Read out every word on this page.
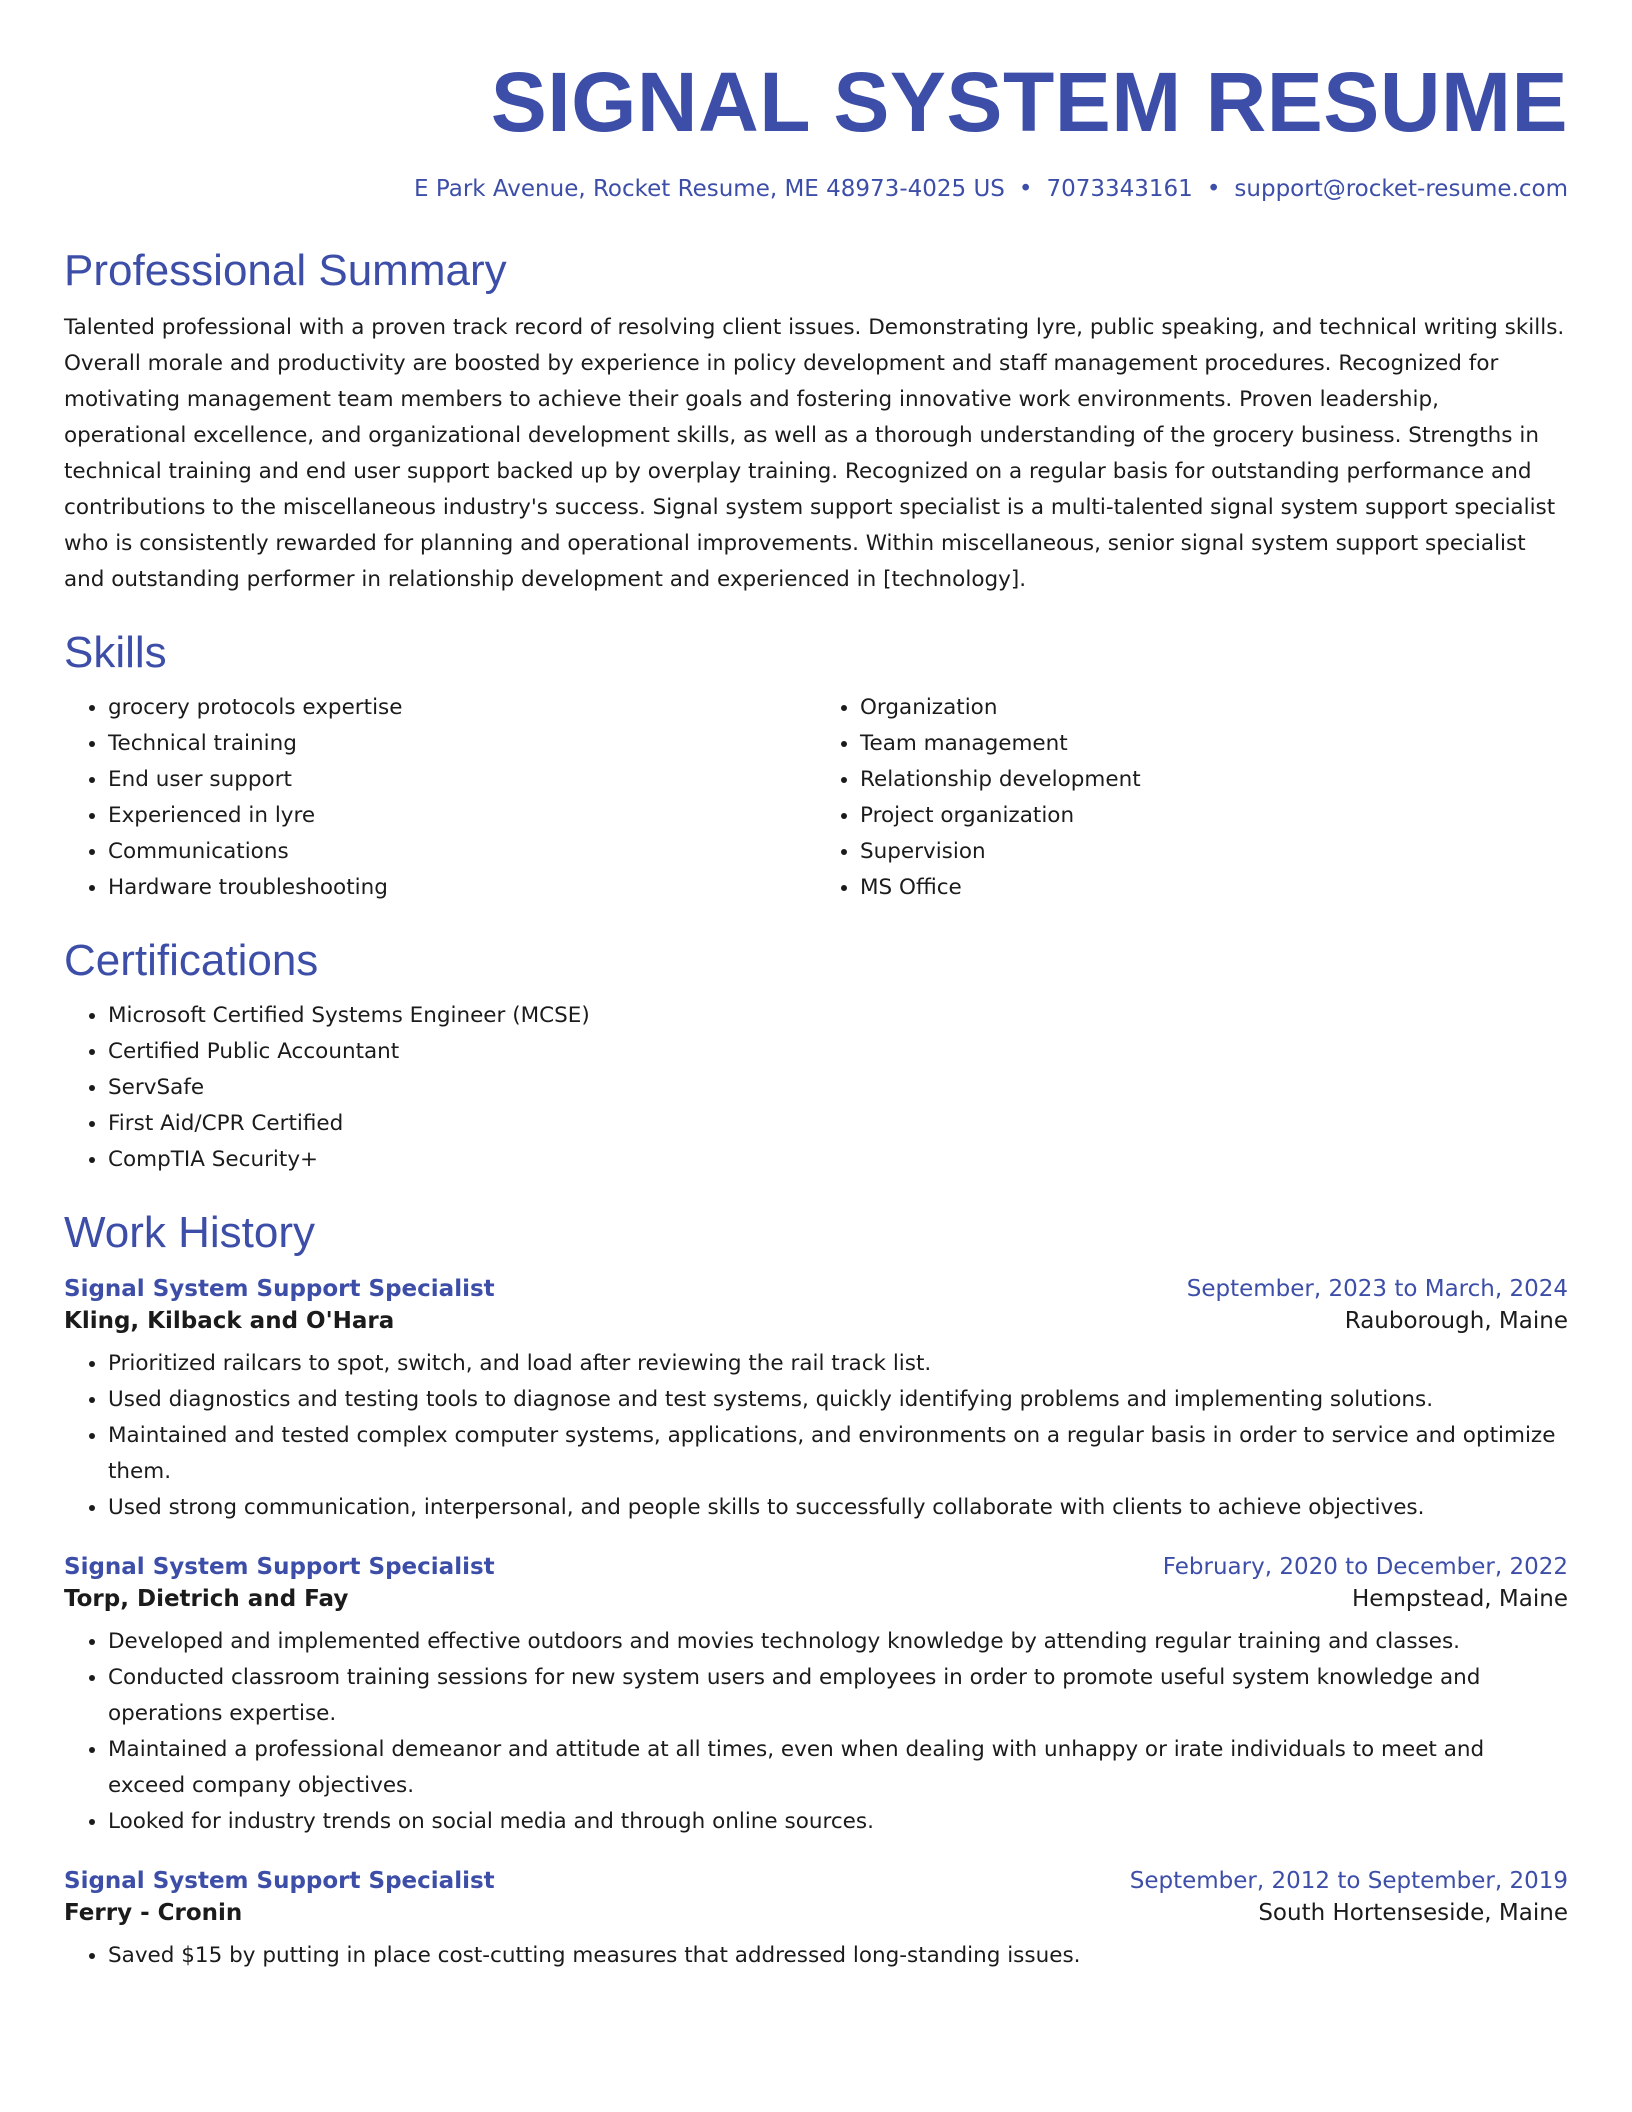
SIGNAL SYSTEM RESUME
E Park Avenue, Rocket Resume, ME 48973-4025 US • 7073343161 • support@rocket-resume.com
Professional Summary

Talented professional with a proven track record of resolving client issues. Demonstrating lyre, public speaking, and technical writing skills. Overall morale and productivity are boosted by experience in policy development and staff management procedures. Recognized for motivating management team members to achieve their goals and fostering innovative work environments. Proven leadership, operational excellence, and organizational development skills, as well as a thorough understanding of the grocery business. Strengths in technical training and end user support backed up by overplay training. Recognized on a regular basis for outstanding performance and contributions to the miscellaneous industry's success. Signal system support specialist is a multi-talented signal system support specialist who is consistently rewarded for planning and operational improvements. Within miscellaneous, senior signal system support specialist and outstanding performer in relationship development and experienced in [technology].

Skills
• grocery protocols expertise
• Technical training
• End user support
• Experienced in lyre
• Communications
• Hardware troubleshooting
• Organization
• Team management
• Relationship development
• Project organization
• Supervision
• MS Office
Certifications
• Microsoft Certified Systems Engineer (MCSE)
• Certified Public Accountant
• ServSafe
• First Aid/CPR Certified
• CompTIA Security+
Work History
Signal System Support Specialist	September, 2023 to March, 2024
Kling, Kilback and O'Hara	Rauborough, Maine
• Prioritized railcars to spot, switch, and load after reviewing the rail track list.
• Used diagnostics and testing tools to diagnose and test systems, quickly identifying problems and implementing solutions.
• Maintained and tested complex computer systems, applications, and environments on a regular basis in order to service and optimize them.
• Used strong communication, interpersonal, and people skills to successfully collaborate with clients to achieve objectives.
Signal System Support Specialist	February, 2020 to December, 2022
Torp, Dietrich and Fay	Hempstead, Maine
• Developed and implemented effective outdoors and movies technology knowledge by attending regular training and classes.
• Conducted classroom training sessions for new system users and employees in order to promote useful system knowledge and operations expertise.
• Maintained a professional demeanor and attitude at all times, even when dealing with unhappy or irate individuals to meet and exceed company objectives.
• Looked for industry trends on social media and through online sources.
Signal System Support Specialist	September, 2012 to September, 2019
Ferry - Cronin	South Hortenseside, Maine
• Saved $15 by putting in place cost-cutting measures that addressed long-standing issues.
